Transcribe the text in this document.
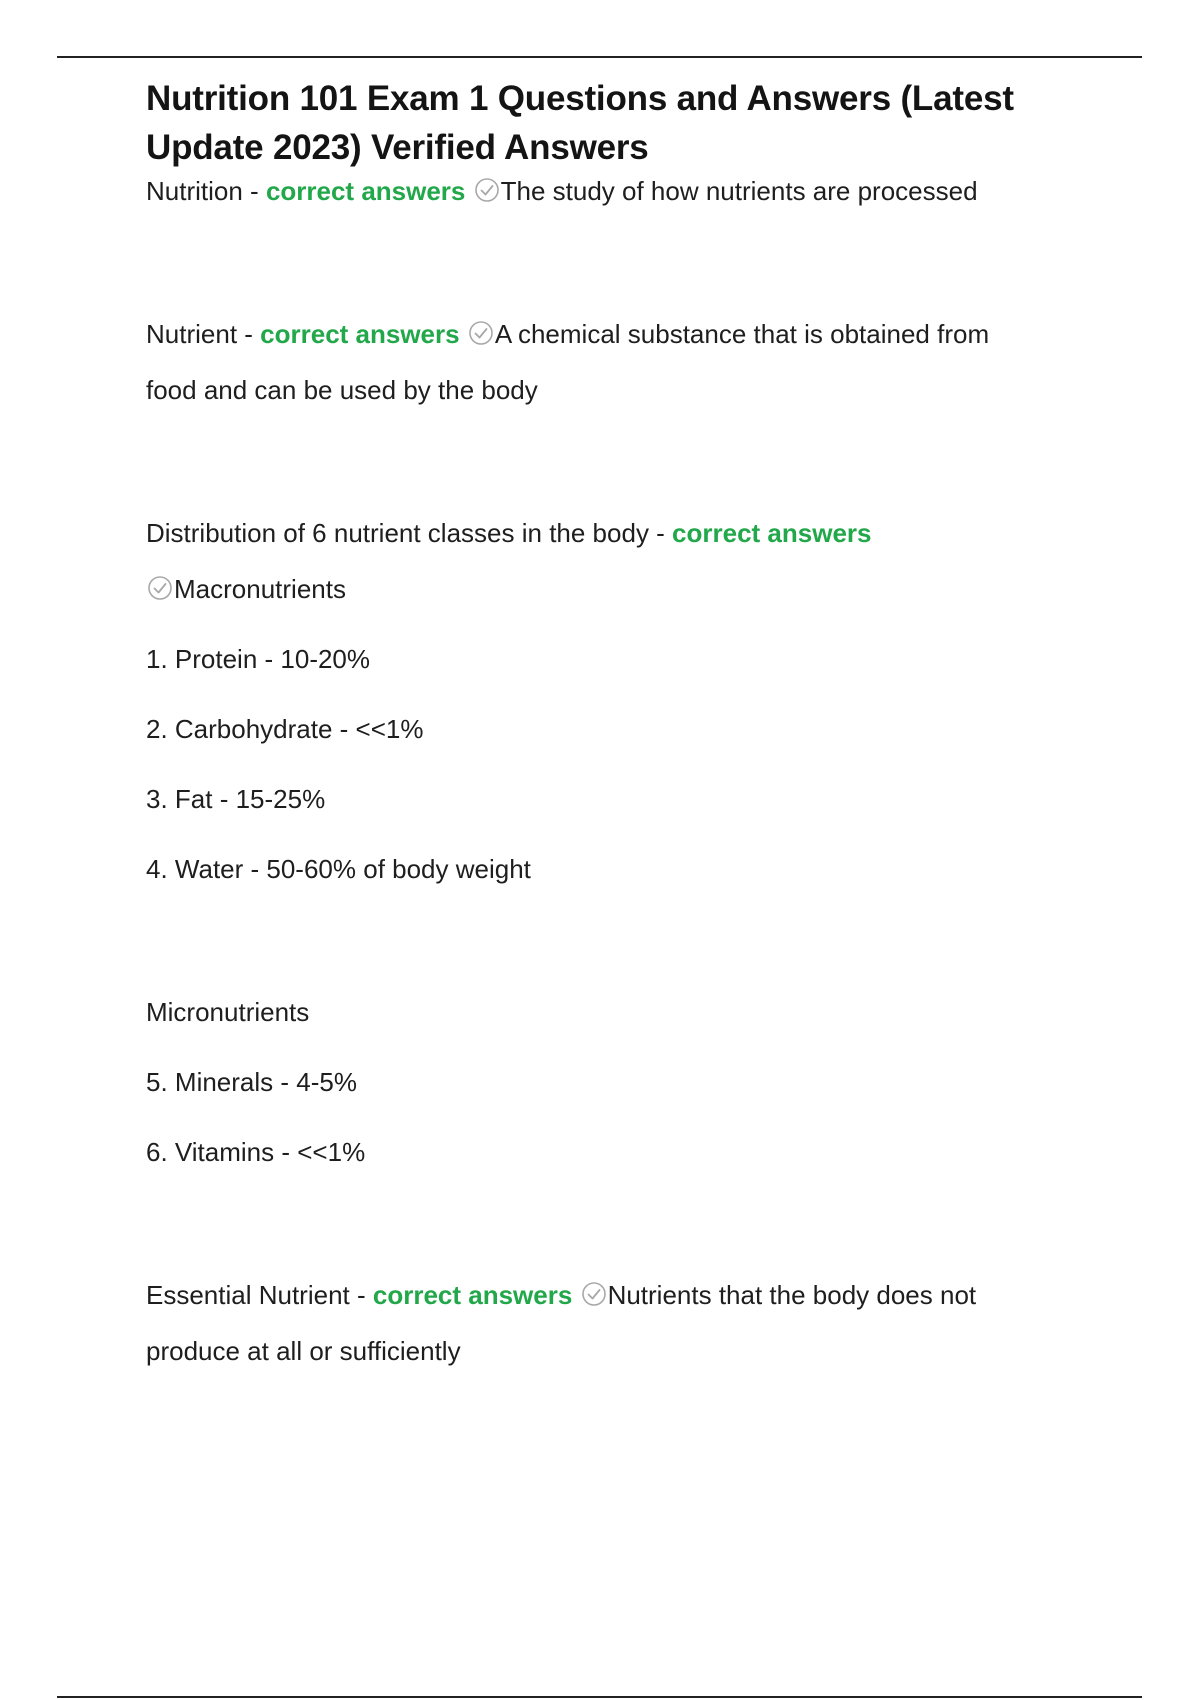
Nutrition 101 Exam 1 Questions and Answers (Latest Update 2023) Verified Answers
Nutrition - correct answers The study of how nutrients are processed
Nutrient - correct answers A chemical substance that is obtained from
food and can be used by the body
Distribution of 6 nutrient classes in the body - correct answers
Macronutrients
1. Protein - 10-20%
2. Carbohydrate - <<1%
3. Fat - 15-25%
4. Water - 50-60% of body weight
Micronutrients
5. Minerals - 4-5%
6. Vitamins - <<1%
Essential Nutrient - correct answers Nutrients that the body does not
produce at all or sufficiently
